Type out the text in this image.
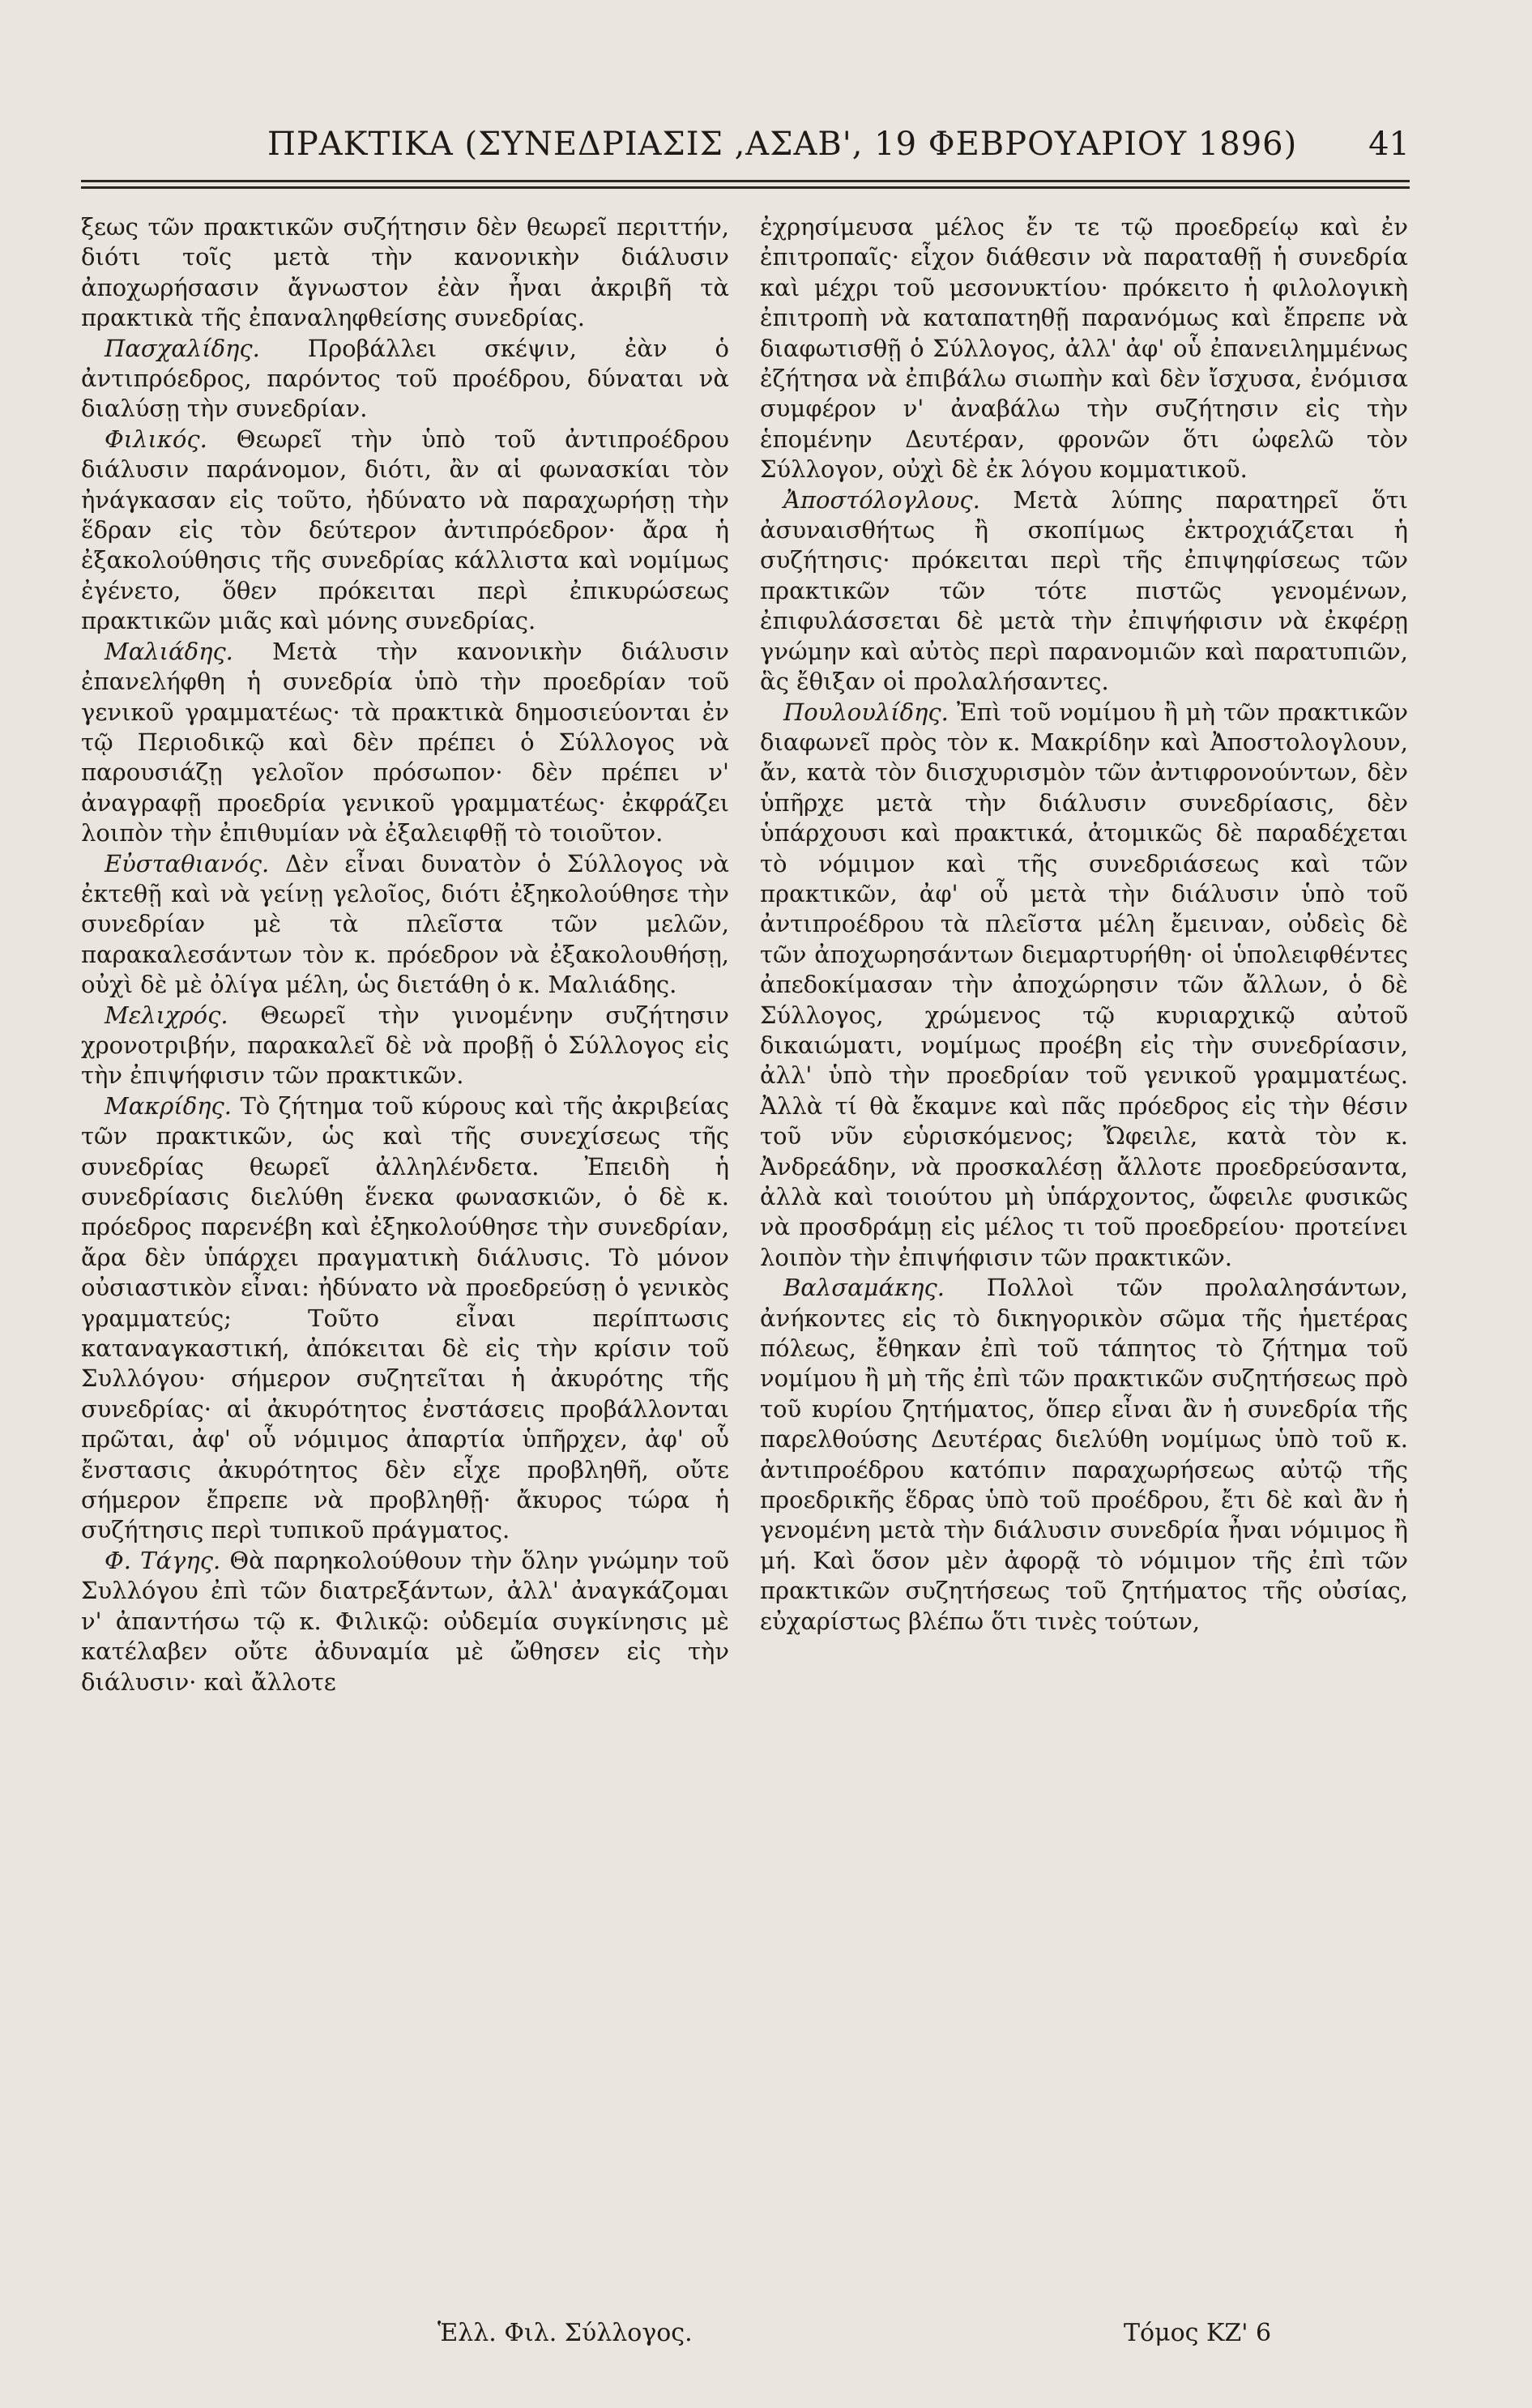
ΠΡΑΚΤΙΚΑ (ΣΥΝΕΔΡΙΑΣΙΣ ,ΑΣΑΒ', 19 ΦΕΒΡΟΥΑΡΙΟΥ 1896) 41

ξεως τῶν πρακτικῶν συζήτησιν δὲν θεωρεῖ περιττήν, διότι τοῖς μετὰ τὴν κανονικὴν διάλυσιν ἀποχωρήσασιν ἄγνωστον ἐὰν ἦναι ἀκριβῆ τὰ πρακτικὰ τῆς ἐπαναληφθείσης συνεδρίας.

 Πασχαλίδης. Προβάλλει σκέψιν, ἐὰν ὁ ἀντιπρόεδρος, παρόντος τοῦ προέδρου, δύναται νὰ διαλύσῃ τὴν συνεδρίαν.

 Φιλικός. Θεωρεῖ τὴν ὑπὸ τοῦ ἀντιπροέδρου διάλυσιν παράνομον, διότι, ἂν αἱ φωνασκίαι τὸν ἠνάγκασαν εἰς τοῦτο, ἠδύνατο νὰ παραχωρήσῃ τὴν ἕδραν εἰς τὸν δεύτερον ἀντιπρόεδρον· ἄρα ἡ ἐξακολούθησις τῆς συνεδρίας κάλλιστα καὶ νομίμως ἐγένετο, ὅθεν πρόκειται περὶ ἐπικυρώσεως πρακτικῶν μιᾶς καὶ μόνης συνεδρίας.

 Μαλιάδης. Μετὰ τὴν κανονικὴν διάλυσιν ἐπανελήφθη ἡ συνεδρία ὑπὸ τὴν προεδρίαν τοῦ γενικοῦ γραμματέως· τὰ πρακτικὰ δημοσιεύονται ἐν τῷ Περιοδικῷ καὶ δὲν πρέπει ὁ Σύλλογος νὰ παρουσιάζῃ γελοῖον πρόσωπον· δὲν πρέπει ν' ἀναγραφῇ προεδρία γενικοῦ γραμματέως· ἐκφράζει λοιπὸν τὴν ἐπιθυμίαν νὰ ἐξαλειφθῇ τὸ τοιοῦτον.

 Εὐσταθιανός. Δὲν εἶναι δυνατὸν ὁ Σύλλογος νὰ ἐκτεθῇ καὶ νὰ γείνῃ γελοῖος, διότι ἐξηκολούθησε τὴν συνεδρίαν μὲ τὰ πλεῖστα τῶν μελῶν, παρακαλεσάντων τὸν κ. πρόεδρον νὰ ἐξακολουθήσῃ, οὐχὶ δὲ μὲ ὀλίγα μέλη, ὡς διετάθη ὁ κ. Μαλιάδης.

 Μελιχρός. Θεωρεῖ τὴν γινομένην συζήτησιν χρονοτριβήν, παρακαλεῖ δὲ νὰ προβῇ ὁ Σύλλογος εἰς τὴν ἐπιψήφισιν τῶν πρακτικῶν.

 Μακρίδης. Τὸ ζήτημα τοῦ κύρους καὶ τῆς ἀκριβείας τῶν πρακτικῶν, ὡς καὶ τῆς συνεχίσεως τῆς συνεδρίας θεωρεῖ ἀλληλένδετα. Ἐπειδὴ ἡ συνεδρίασις διελύθη ἕνεκα φωνασκιῶν, ὁ δὲ κ. πρόεδρος παρενέβη καὶ ἐξηκολούθησε τὴν συνεδρίαν, ἄρα δὲν ὑπάρχει πραγματικὴ διάλυσις. Τὸ μόνον οὐσιαστικὸν εἶναι: ἠδύνατο νὰ προεδρεύσῃ ὁ γενικὸς γραμματεύς; Τοῦτο εἶναι περίπτωσις καταναγκαστική, ἀπόκειται δὲ εἰς τὴν κρίσιν τοῦ Συλλόγου· σήμερον συζητεῖται ἡ ἀκυρότης τῆς συνεδρίας· αἱ ἀκυρότητος ἐνστάσεις προβάλλονται πρῶται, ἀφ' οὗ νόμιμος ἀπαρτία ὑπῆρχεν, ἀφ' οὗ ἔνστασις ἀκυρότητος δὲν εἶχε προβληθῆ, οὔτε σήμερον ἔπρεπε νὰ προβληθῇ· ἄκυρος τώρα ἡ συζήτησις περὶ τυπικοῦ πράγματος.

 Φ. Τάγης. Θὰ παρηκολούθουν τὴν ὅλην γνώμην τοῦ Συλλόγου ἐπὶ τῶν διατρεξάντων, ἀλλ' ἀναγκάζομαι ν' ἀπαντήσω τῷ κ. Φιλικῷ: οὐδεμία συγκίνησις μὲ κατέλαβεν οὔτε ἀδυναμία μὲ ὤθησεν εἰς τὴν διάλυσιν· καὶ ἄλλοτε

ἐχρησίμευσα μέλος ἔν τε τῷ προεδρείῳ καὶ ἐν ἐπιτροπαῖς· εἶχον διάθεσιν νὰ παραταθῇ ἡ συνεδρία καὶ μέχρι τοῦ μεσονυκτίου· πρόκειτο ἡ φιλολογικὴ ἐπιτροπὴ νὰ καταπατηθῇ παρανόμως καὶ ἔπρεπε νὰ διαφωτισθῇ ὁ Σύλλογος, ἀλλ' ἀφ' οὗ ἐπανειλημμένως ἐζήτησα νὰ ἐπιβάλω σιωπὴν καὶ δὲν ἴσχυσα, ἐνόμισα συμφέρον ν' ἀναβάλω τὴν συζήτησιν εἰς τὴν ἑπομένην Δευτέραν, φρονῶν ὅτι ὠφελῶ τὸν Σύλλογον, οὐχὶ δὲ ἐκ λόγου κομματικοῦ.

 Ἀποστόλογλους. Μετὰ λύπης παρατηρεῖ ὅτι ἀσυναισθήτως ἢ σκοπίμως ἐκτροχιάζεται ἡ συζήτησις· πρόκειται περὶ τῆς ἐπιψηφίσεως τῶν πρακτικῶν τῶν τότε πιστῶς γενομένων, ἐπιφυλάσσεται δὲ μετὰ τὴν ἐπιψήφισιν νὰ ἐκφέρῃ γνώμην καὶ αὐτὸς περὶ παρανομιῶν καὶ παρατυπιῶν, ἃς ἔθιξαν οἱ προλαλήσαντες.

 Πουλουλίδης. Ἐπὶ τοῦ νομίμου ἢ μὴ τῶν πρακτικῶν διαφωνεῖ πρὸς τὸν κ. Μακρίδην καὶ Ἀποστολογλουν, ἄν, κατὰ τὸν διισχυρισμὸν τῶν ἀντιφρονούντων, δὲν ὑπῆρχε μετὰ τὴν διάλυσιν συνεδρίασις, δὲν ὑπάρχουσι καὶ πρακτικά, ἀτομικῶς δὲ παραδέχεται τὸ νόμιμον καὶ τῆς συνεδριάσεως καὶ τῶν πρακτικῶν, ἀφ' οὗ μετὰ τὴν διάλυσιν ὑπὸ τοῦ ἀντιπροέδρου τὰ πλεῖστα μέλη ἔμειναν, οὐδεὶς δὲ τῶν ἀποχωρησάντων διεμαρτυρήθη· οἱ ὑπολειφθέντες ἀπεδοκίμασαν τὴν ἀποχώρησιν τῶν ἄλλων, ὁ δὲ Σύλλογος, χρώμενος τῷ κυριαρχικῷ αὐτοῦ δικαιώματι, νομίμως προέβη εἰς τὴν συνεδρίασιν, ἀλλ' ὑπὸ τὴν προεδρίαν τοῦ γενικοῦ γραμματέως. Ἀλλὰ τί θὰ ἔκαμνε καὶ πᾶς πρόεδρος εἰς τὴν θέσιν τοῦ νῦν εὑρισκόμενος; Ὤφειλε, κατὰ τὸν κ. Ἀνδρεάδην, νὰ προσκαλέσῃ ἄλλοτε προεδρεύσαντα, ἀλλὰ καὶ τοιούτου μὴ ὑπάρχοντος, ὤφειλε φυσικῶς νὰ προσδράμῃ εἰς μέλος τι τοῦ προεδρείου· προτείνει λοιπὸν τὴν ἐπιψήφισιν τῶν πρακτικῶν.

 Βαλσαμάκης. Πολλοὶ τῶν προλαλησάντων, ἀνήκοντες εἰς τὸ δικηγορικὸν σῶμα τῆς ἡμετέρας πόλεως, ἔθηκαν ἐπὶ τοῦ τάπητος τὸ ζήτημα τοῦ νομίμου ἢ μὴ τῆς ἐπὶ τῶν πρακτικῶν συζητήσεως πρὸ τοῦ κυρίου ζητήματος, ὅπερ εἶναι ἂν ἡ συνεδρία τῆς παρελθούσης Δευτέρας διελύθη νομίμως ὑπὸ τοῦ κ. ἀντιπροέδρου κατόπιν παραχωρήσεως αὐτῷ τῆς προεδρικῆς ἕδρας ὑπὸ τοῦ προέδρου, ἔτι δὲ καὶ ἂν ἡ γενομένη μετὰ τὴν διάλυσιν συνεδρία ἦναι νόμιμος ἢ μή. Καὶ ὅσον μὲν ἀφορᾷ τὸ νόμιμον τῆς ἐπὶ τῶν πρακτικῶν συζητήσεως τοῦ ζητήματος τῆς οὐσίας, εὐχαρίστως βλέπω ὅτι τινὲς τούτων,

Ἑλλ. Φιλ. Σύλλογος.	Τόμος ΚΖ' 6
